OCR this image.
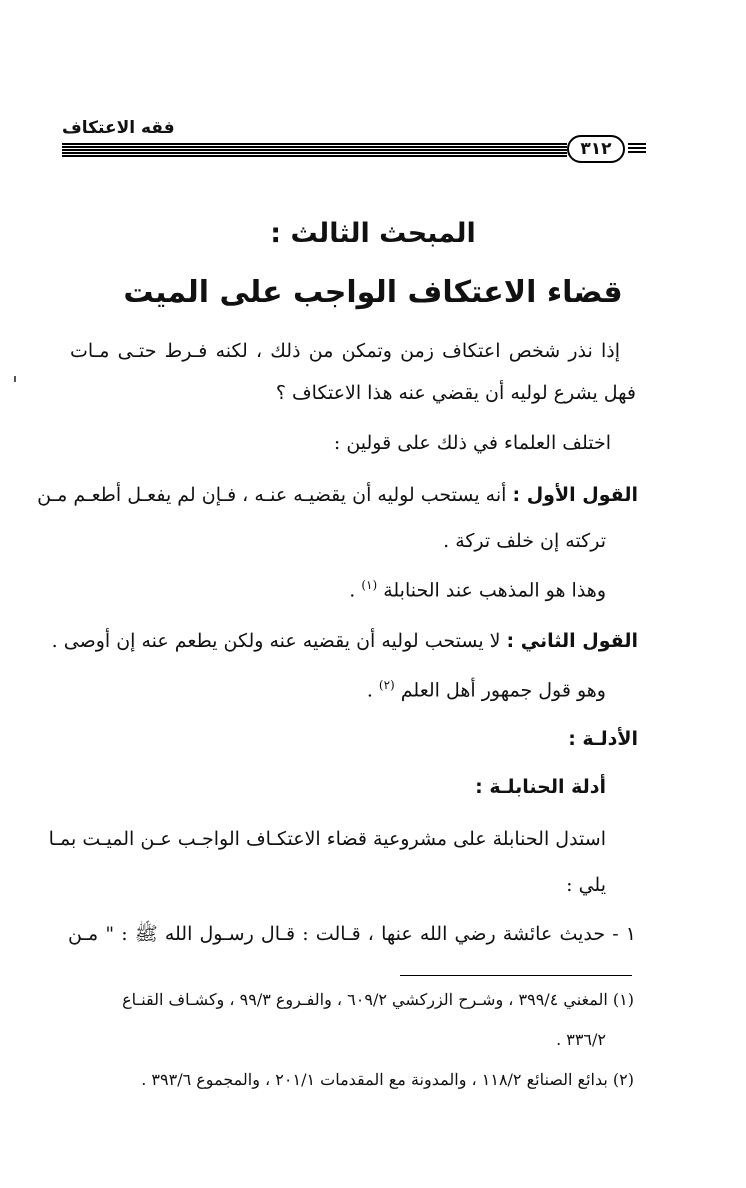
فقه الاعتكاف
٣١٢
المبحث الثالث :
قضاء الاعتكاف الواجب على الميت
إذا نذر شخص اعتكاف زمن وتمكن من ذلك ، لكنه فـرط حتـى مـات
فهل يشرع لوليه أن يقضي عنه هذا الاعتكاف ؟
اختلف العلماء في ذلك على قولين :
القول الأول : أنه يستحب لوليه أن يقضيـه عنـه ، فـإن لم يفعـل أطعـم مـن
تركته إن خلف تركة .
وهذا هو المذهب عند الحنابلة $^{(١)}$ .
القول الثاني : لا يستحب لوليه أن يقضيه عنه ولكن يطعم عنه إن أوصى .
وهو قول جمهور أهل العلم $^{(٢)}$ .
الأدلـة :
أدلة الحنابلـة :
استدل الحنابلة على مشروعية قضاء الاعتكـاف الواجـب عـن الميـت بمـا
يلي :
١ - حديث عائشة رضي الله عنها ، قـالت : قـال رسـول الله ﷺ : " مـن
(١) المغني ٣٩٩/٤ ، وشـرح الزركشي ٦٠٩/٢ ، والفـروع ٩٩/٣ ، وكشـاف القنـاع
٣٣٦/٢ .
(٢) بدائع الصنائع ١١٨/٢ ، والمدونة مع المقدمات ٢٠١/١ ، والمجموع ٣٩٣/٦ .
